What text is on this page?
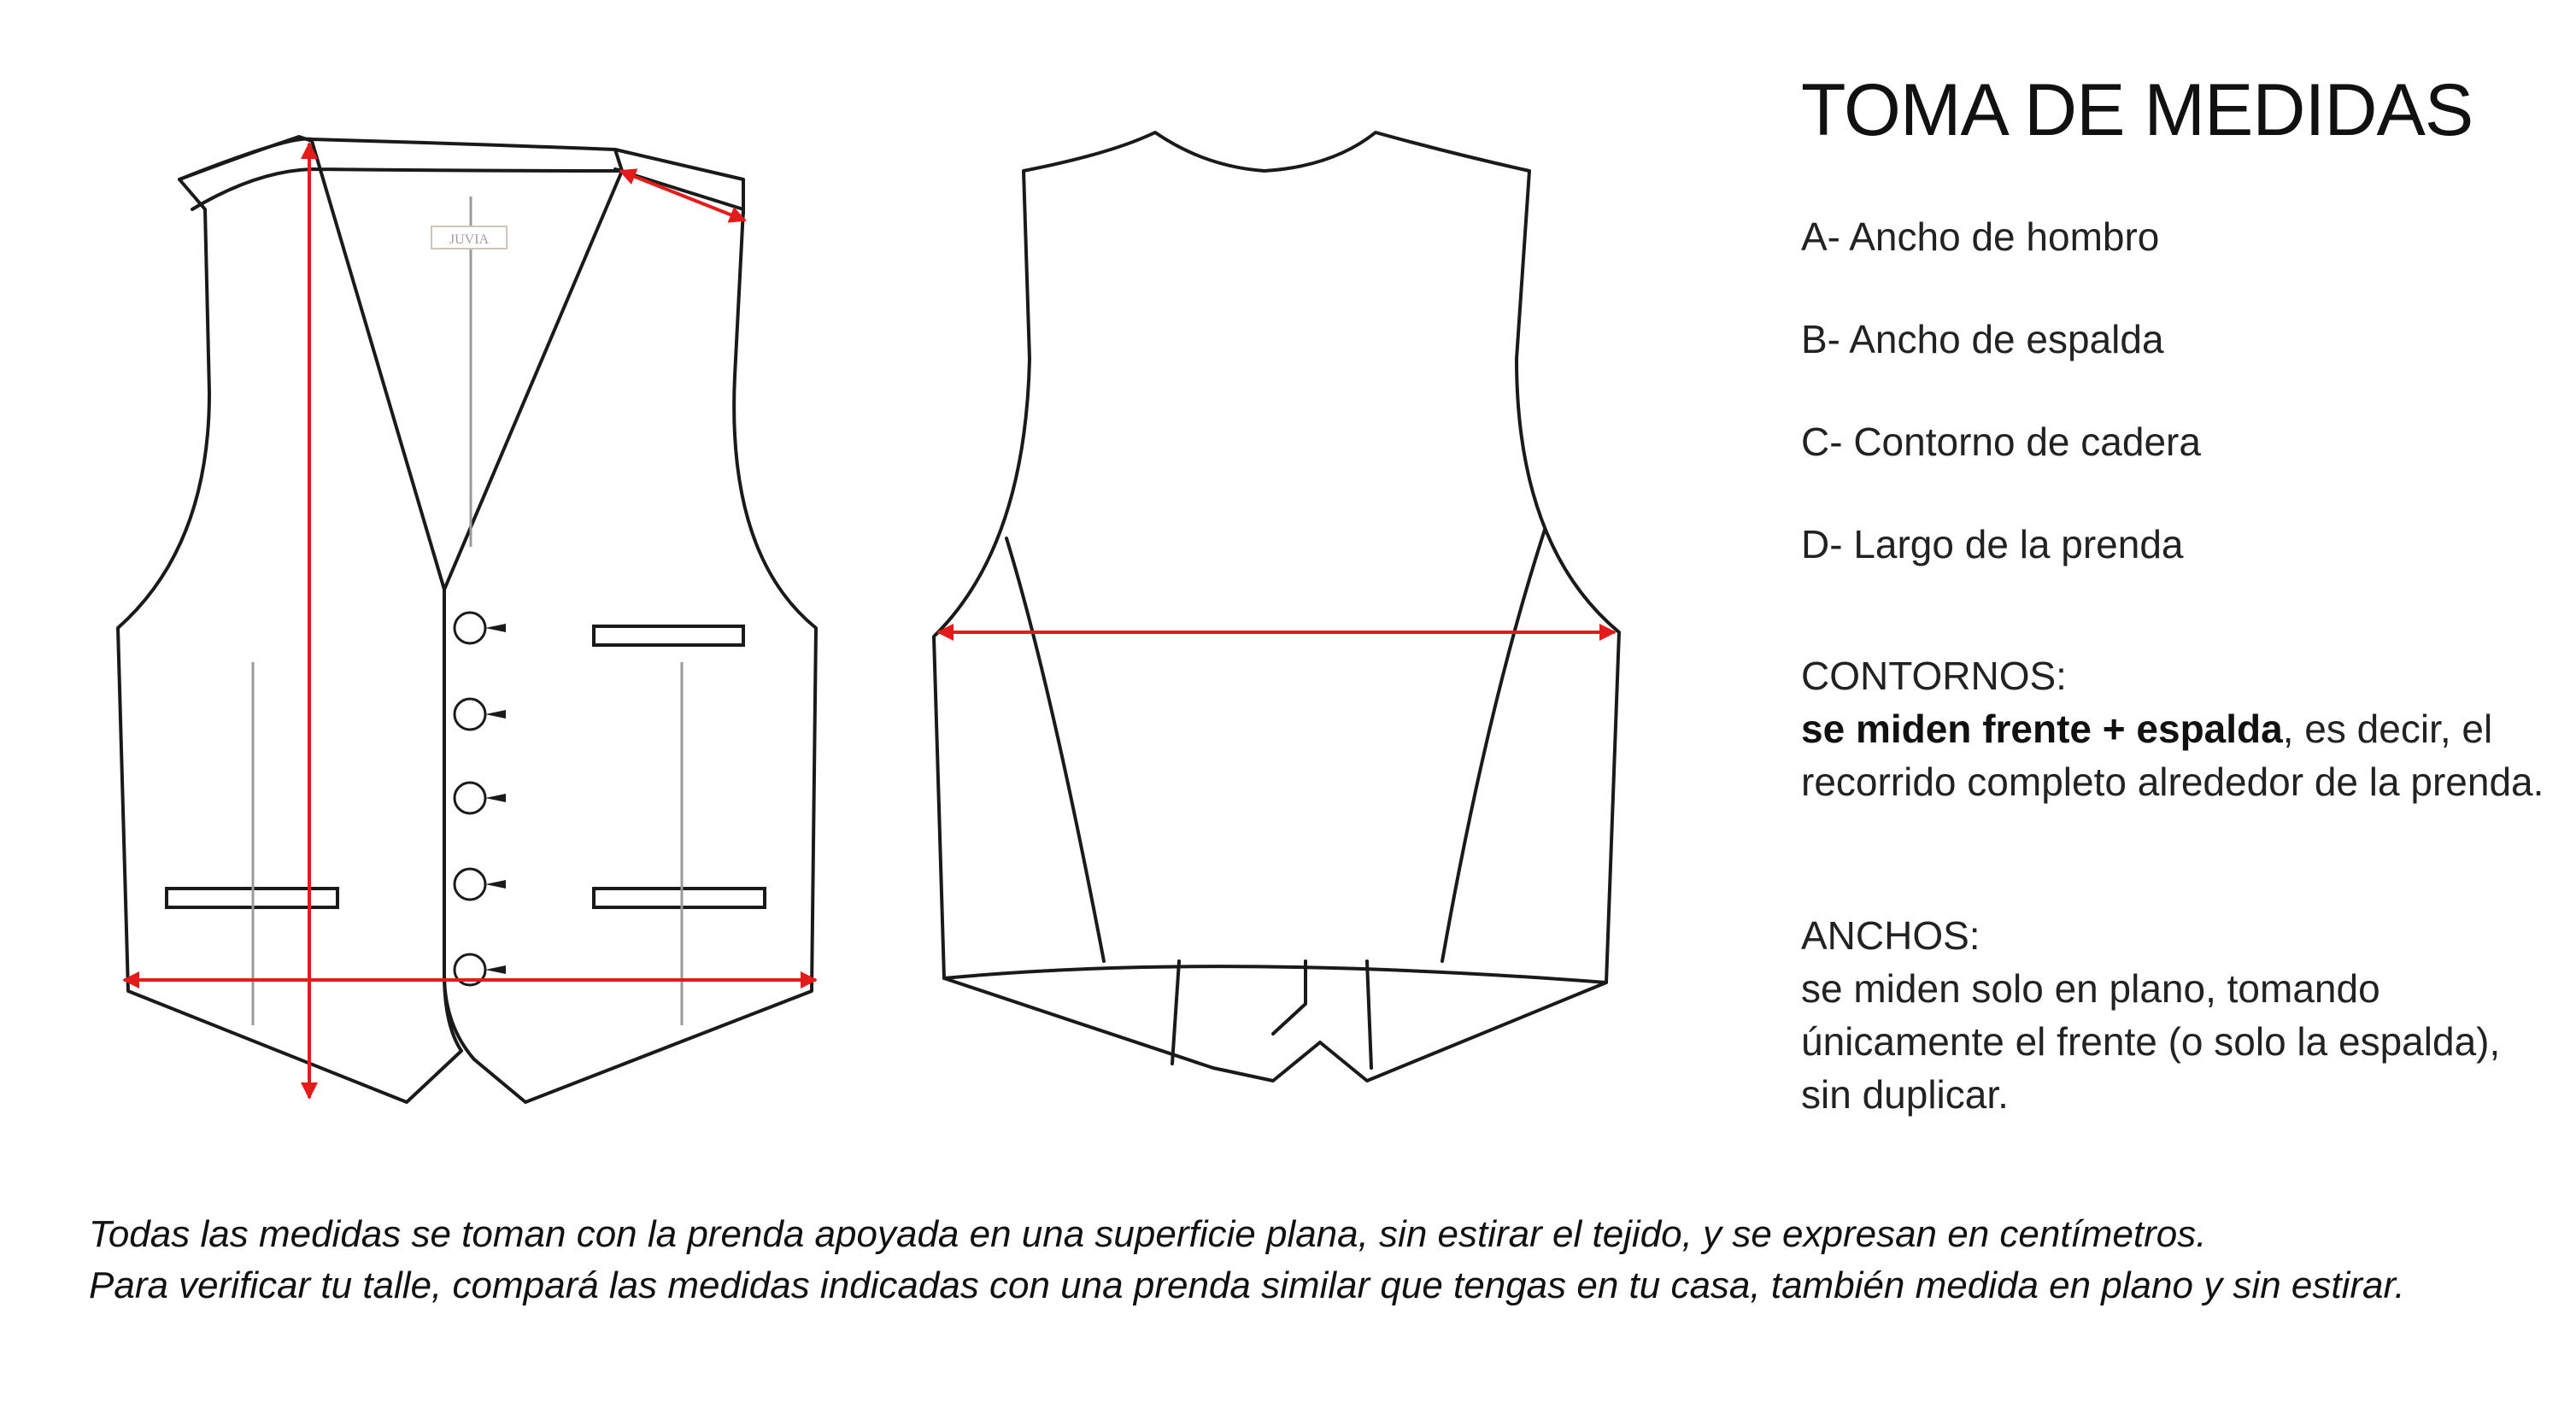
JUVIA
TOMA DE MEDIDAS
A- Ancho de hombro
B- Ancho de espalda
C- Contorno de cadera
D- Largo de la prenda
CONTORNOS:
se miden frente + espalda, es decir, el recorrido completo alrededor de la prenda.
ANCHOS:
se miden solo en plano, tomando únicamente el frente (o solo la espalda), sin duplicar.
Todas las medidas se toman con la prenda apoyada en una superficie plana, sin estirar el tejido, y se expresan en centímetros.
Para verificar tu talle, compará las medidas indicadas con una prenda similar que tengas en tu casa, también medida en plano y sin estirar.
